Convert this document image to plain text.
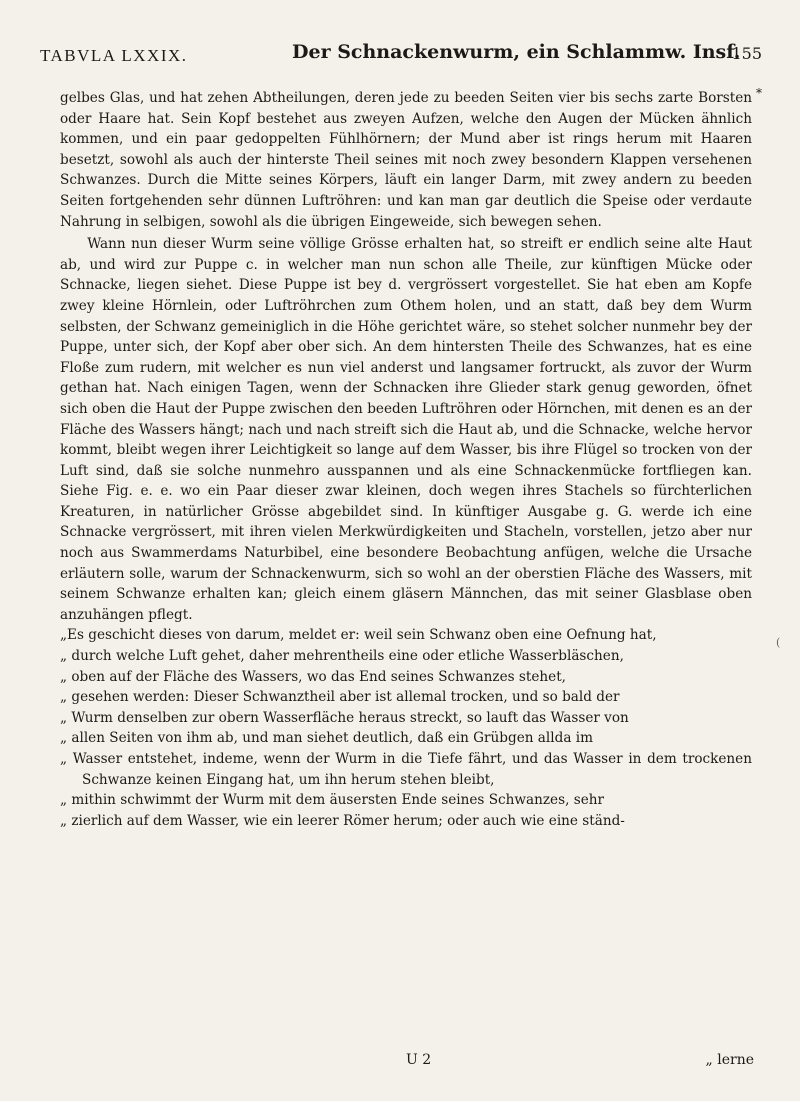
TABVLA LXXIX.	Der Schnackenwurm, ein Schlammw. Insf.
155
*
(

gelbes Glas, und hat zehen Abtheilungen, deren jede zu beeden Seiten vier bis sechs zarte Borsten oder Haare hat. Sein Kopf bestehet aus zweyen Aufzen, welche den Augen der Mücken ähnlich kommen, und ein paar gedoppelten Fühlhörnern; der Mund aber ist rings herum mit Haaren besetzt, sowohl als auch der hinterste Theil seines mit noch zwey besondern Klappen versehenen Schwanzes. Durch die Mitte seines Körpers, läuft ein langer Darm, mit zwey andern zu beeden Seiten fortgehenden sehr dünnen Luftröhren: und kan man gar deutlich die Speise oder verdaute Nahrung in selbigen, sowohl als die übrigen Eingeweide, sich bewegen sehen.

Wann nun dieser Wurm seine völlige Grösse erhalten hat, so streift er endlich seine alte Haut ab, und wird zur Puppe c. in welcher man nun schon alle Theile, zur künftigen Mücke oder Schnacke, liegen siehet. Diese Puppe ist bey d. vergrössert vorgestellet. Sie hat eben am Kopfe zwey kleine Hörnlein, oder Luftröhrchen zum Othem holen, und an statt, daß bey dem Wurm selbsten, der Schwanz gemeiniglich in die Höhe gerichtet wäre, so stehet solcher nunmehr bey der Puppe, unter sich, der Kopf aber ober sich. An dem hintersten Theile des Schwanzes, hat es eine Floße zum rudern, mit welcher es nun viel anderst und langsamer fortruckt, als zuvor der Wurm gethan hat. Nach einigen Tagen, wenn der Schnacken ihre Glieder stark genug geworden, öfnet sich oben die Haut der Puppe zwischen den beeden Luftröhren oder Hörnchen, mit denen es an der Fläche des Wassers hängt; nach und nach streift sich die Haut ab, und die Schnacke, welche hervor kommt, bleibt wegen ihrer Leichtigkeit so lange auf dem Wasser, bis ihre Flügel so trocken von der Luft sind, daß sie solche nunmehro ausspannen und als eine Schnackenmücke fortfliegen kan. Siehe Fig. e. e. wo ein Paar dieser zwar kleinen, doch wegen ihres Stachels so fürchterlichen Kreaturen, in natürlicher Grösse abgebildet sind. In künftiger Ausgabe g. G. werde ich eine Schnacke vergrössert, mit ihren vielen Merkwürdigkeiten und Stacheln, vorstellen, jetzo aber nur noch aus Swammerdams Naturbibel, eine besondere Beobachtung anfügen, welche die Ursache erläutern solle, warum der Schnackenwurm, sich so wohl an der oberstien Fläche des Wassers, mit seinem Schwanze erhalten kan; gleich einem gläsern Männchen, das mit seiner Glasblase oben anzuhängen pflegt.

„Es geschicht dieses von darum, meldet er: weil sein Schwanz oben eine Oefnung hat,
„ durch welche Luft gehet, daher mehrentheils eine oder etliche Wasserbläschen,
„ oben auf der Fläche des Wassers, wo das End seines Schwanzes stehet,
„ gesehen werden: Dieser Schwanztheil aber ist allemal trocken, und so bald der
„ Wurm denselben zur obern Wasserfläche heraus streckt, so lauft das Wasser von
„ allen Seiten von ihm ab, und man siehet deutlich, daß ein Grübgen allda im
„ Wasser entstehet, indeme, wenn der Wurm in die Tiefe fährt, und das Wasser in dem trockenen Schwanze keinen Eingang hat, um ihn herum stehen bleibt,
„ mithin schwimmt der Wurm mit dem äusersten Ende seines Schwanzes, sehr
„ zierlich auf dem Wasser, wie ein leerer Römer herum; oder auch wie eine ständ-
U 2	„ lerne
